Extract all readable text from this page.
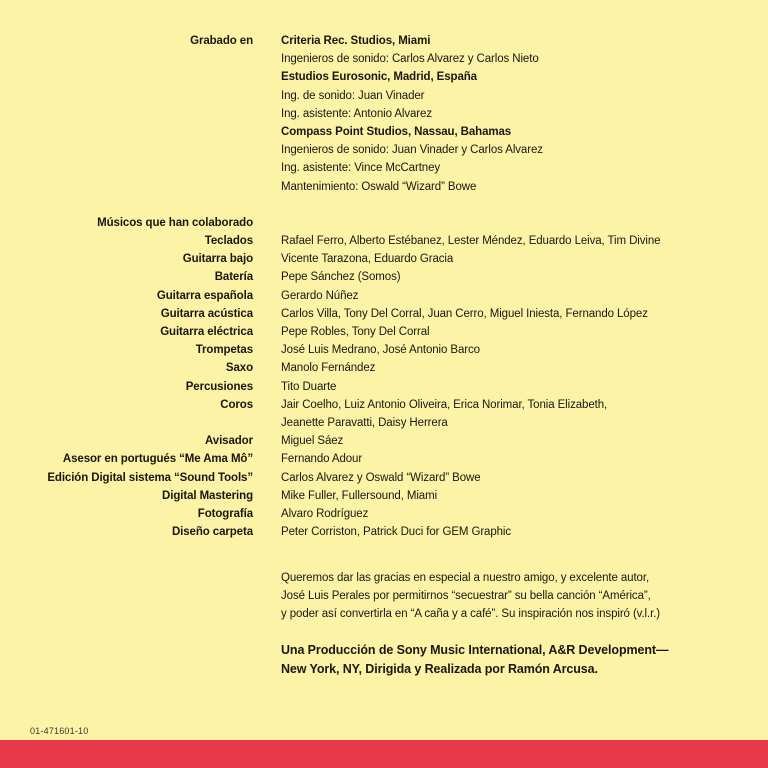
Grabado en Criteria Rec. Studios, Miami
Ingenieros de sonido: Carlos Alvarez y Carlos Nieto
Estudios Eurosonic, Madrid, España
Ing. de sonido: Juan Vinader
Ing. asistente: Antonio Alvarez
Compass Point Studios, Nassau, Bahamas
Ingenieros de sonido: Juan Vinader y Carlos Alvarez
Ing. asistente: Vince McCartney
Mantenimiento: Oswald “Wizard” Bowe
Músicos que han colaborado
Teclados Rafael Ferro, Alberto Estébanez, Lester Méndez, Eduardo Leiva, Tim Divine
Guitarra bajo Vicente Tarazona, Eduardo Gracia
Batería Pepe Sánchez (Somos)
Guitarra española Gerardo Núñez
Guitarra acústica Carlos Villa, Tony Del Corral, Juan Cerro, Miguel Iniesta, Fernando López
Guitarra eléctrica Pepe Robles, Tony Del Corral
Trompetas José Luis Medrano, José Antonio Barco
Saxo Manolo Fernández
Percusiones Tito Duarte
Coros Jair Coelho, Luiz Antonio Oliveira, Erica Norimar, Tonia Elizabeth,
Jeanette Paravatti, Daisy Herrera
Avisador Miguel Sáez
Asesor en portugués “Me Ama Mô” Fernando Adour
Edición Digital sistema “Sound Tools” Carlos Alvarez y Oswald “Wizard” Bowe
Digital Mastering Mike Fuller, Fullersound, Miami
Fotografía Alvaro Rodríguez
Diseño carpeta Peter Corriston, Patrick Duci for GEM Graphic
Queremos dar las gracias en especial a nuestro amigo, y excelente autor,
José Luis Perales por permitirnos “secuestrar” su bella canción “América”,
y poder así convertirla en “A caña y a café”. Su inspiración nos inspiró (v.l.r.)
Una Producción de Sony Music International, A&R Development—
New York, NY, Dirigida y Realizada por Ramón Arcusa.
01-471601-10
